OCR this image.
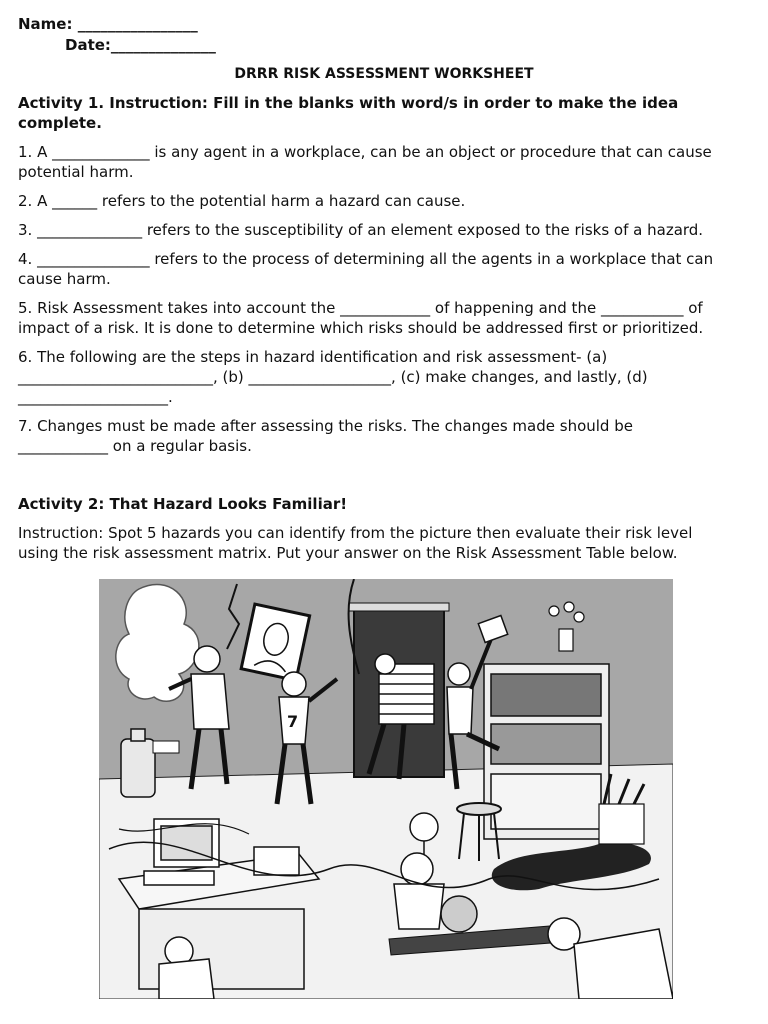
Name: ________________
Date:______________
DRRR RISK ASSESSMENT WORKSHEET
Activity 1. Instruction: Fill in the blanks with word/s in order to make the idea
complete.
1. A _____________ is any agent in a workplace, can be an object or procedure that can cause
potential harm.
2. A ______ refers to the potential harm a hazard can cause.
3. ______________ refers to the susceptibility of an element exposed to the risks of a hazard.
4. _______________ refers to the process of determining all the agents in a workplace that can
cause harm.
5. Risk Assessment takes into account the ____________ of happening and the ___________ of
impact of a risk. It is done to determine which risks should be addressed first or prioritized.
6. The following are the steps in hazard identification and risk assessment- (a)
__________________________, (b) ___________________, (c) make changes, and lastly, (d)
____________________.
7. Changes must be made after assessing the risks. The changes made should be
____________ on a regular basis.
Activity 2: That Hazard Looks Familiar!
Instruction: Spot 5 hazards you can identify from the picture then evaluate their risk level
using the risk assessment matrix. Put your answer on the Risk Assessment Table below.
7
